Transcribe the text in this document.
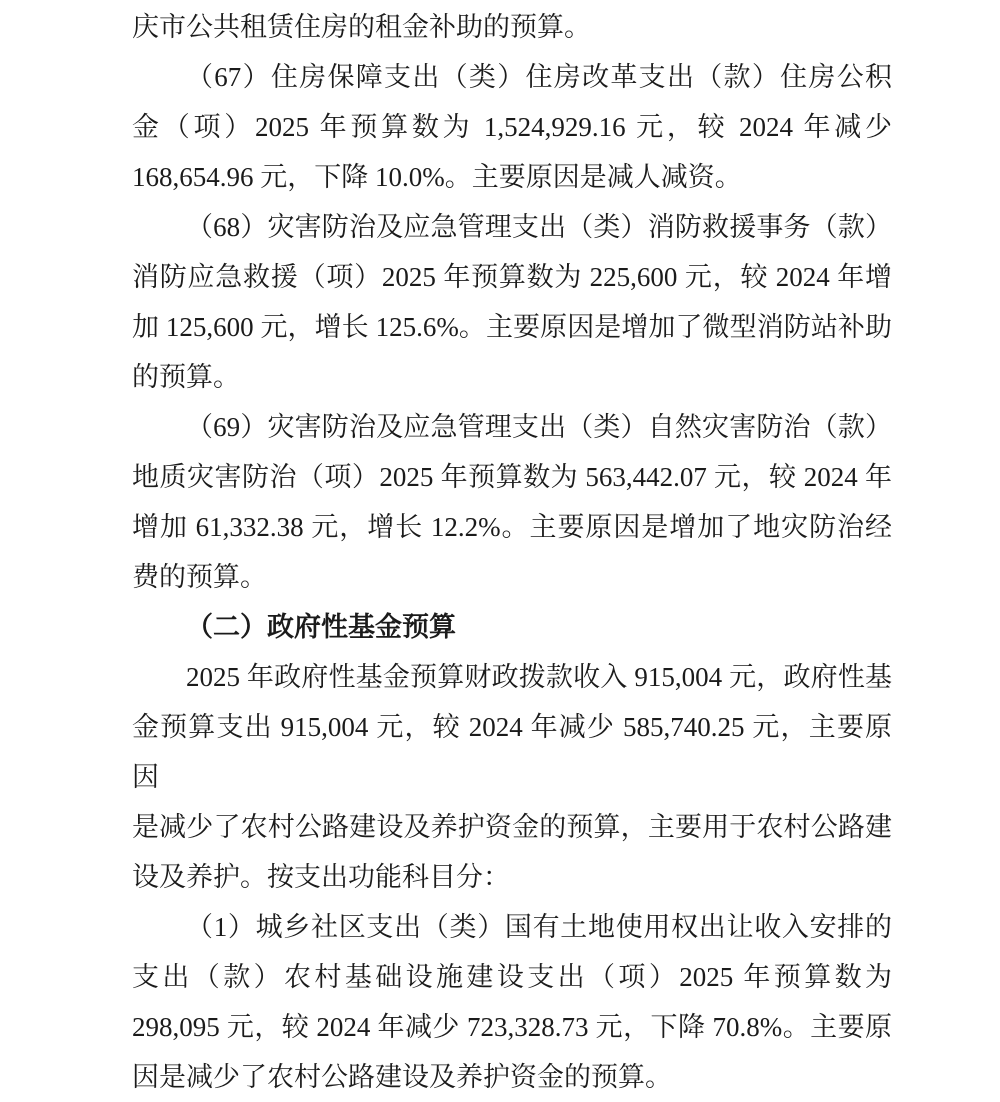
庆市公共租赁住房的租金补助的预算。
（67）住房保障支出（类）住房改革支出（款）住房公积
金（项）2025 年预算数为 1,524,929.16 元，较 2024 年减少
168,654.96 元，下降 10.0%。主要原因是减人减资。
（68）灾害防治及应急管理支出（类）消防救援事务（款）
消防应急救援（项）2025 年预算数为 225,600 元，较 2024 年增
加 125,600 元，增长 125.6%。主要原因是增加了微型消防站补助
的预算。
（69）灾害防治及应急管理支出（类）自然灾害防治（款）
地质灾害防治（项）2025 年预算数为 563,442.07 元，较 2024 年
增加 61,332.38 元，增长 12.2%。主要原因是增加了地灾防治经
费的预算。
（二）政府性基金预算
2025 年政府性基金预算财政拨款收入 915,004 元，政府性基
金预算支出 915,004 元，较 2024 年减少 585,740.25 元，主要原因
是减少了农村公路建设及养护资金的预算，主要用于农村公路建
设及养护。按支出功能科目分：
（1）城乡社区支出（类）国有土地使用权出让收入安排的
支出（款）农村基础设施建设支出（项）2025 年预算数为
298,095 元，较 2024 年减少 723,328.73 元，下降 70.8%。主要原
因是减少了农村公路建设及养护资金的预算。
